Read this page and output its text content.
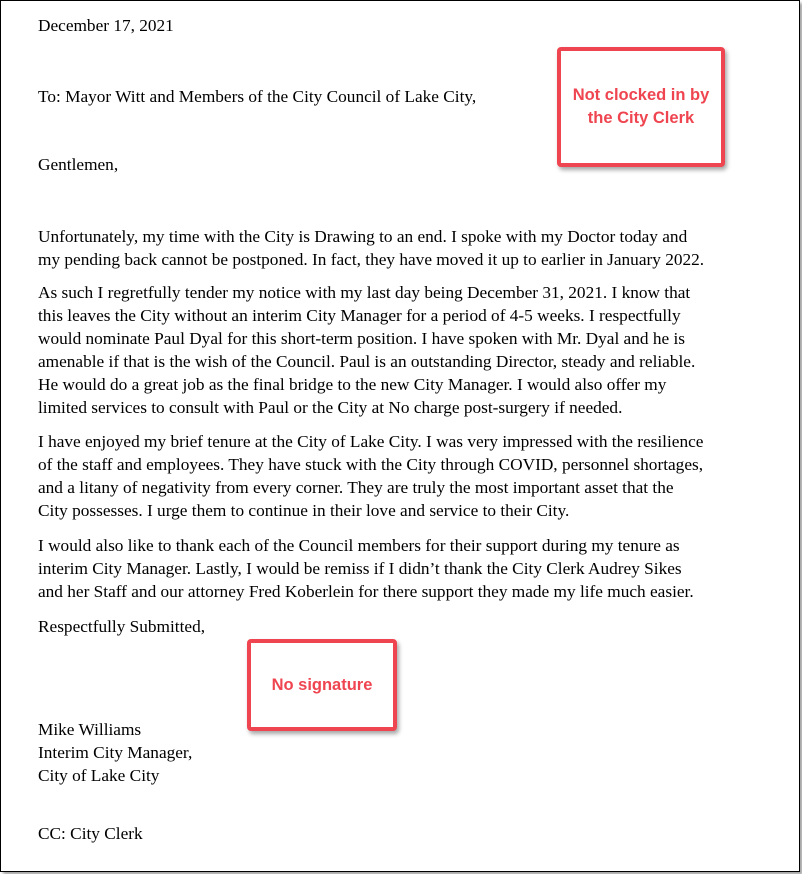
December 17, 2021
To: Mayor Witt and Members of the City Council of Lake City,
Gentlemen,
Unfortunately, my time with the City is Drawing to an end. I spoke with my Doctor today and
my pending back cannot be postponed. In fact, they have moved it up to earlier in January 2022.
As such I regretfully tender my notice with my last day being December 31, 2021. I know that
this leaves the City without an interim City Manager for a period of 4-5 weeks. I respectfully
would nominate Paul Dyal for this short-term position. I have spoken with Mr. Dyal and he is
amenable if that is the wish of the Council. Paul is an outstanding Director, steady and reliable.
He would do a great job as the final bridge to the new City Manager. I would also offer my
limited services to consult with Paul or the City at No charge post-surgery if needed.
I have enjoyed my brief tenure at the City of Lake City. I was very impressed with the resilience
of the staff and employees. They have stuck with the City through COVID, personnel shortages,
and a litany of negativity from every corner. They are truly the most important asset that the
City possesses. I urge them to continue in their love and service to their City.
I would also like to thank each of the Council members for their support during my tenure as
interim City Manager. Lastly, I would be remiss if I didn’t thank the City Clerk Audrey Sikes
and her Staff and our attorney Fred Koberlein for there support they made my life much easier.
Respectfully Submitted,
Mike Williams
Interim City Manager,
City of Lake City
CC: City Clerk
Not clocked in by
the City Clerk
No signature
